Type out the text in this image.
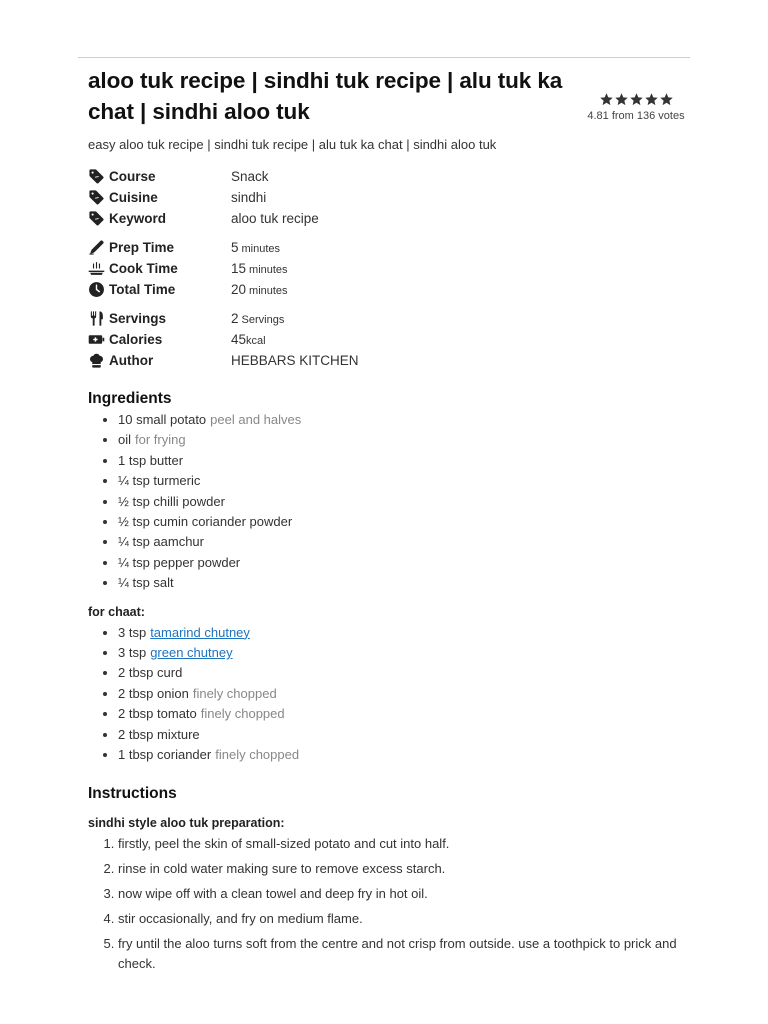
aloo tuk recipe | sindhi tuk recipe | alu tuk ka chat | sindhi aloo tuk	4.81 from 136 votes
easy aloo tuk recipe | sindhi tuk recipe | alu tuk ka chat | sindhi aloo tuk
Course	Snack
Cuisine	sindhi
Keyword	aloo tuk recipe
Prep Time	5 minutes
Cook Time	15 minutes
Total Time	20 minutes
Servings	2 Servings
Calories	45kcal
Author	HEBBARS KITCHEN
Ingredients
• 10 small potato peel and halves
• oil for frying
• 1 tsp butter
• ¼ tsp turmeric
• ½ tsp chilli powder
• ½ tsp cumin coriander powder
• ¼ tsp aamchur
• ¼ tsp pepper powder
• ¼ tsp salt
for chaat:
• 3 tsp tamarind chutney
• 3 tsp green chutney
• 2 tbsp curd
• 2 tbsp onion finely chopped
• 2 tbsp tomato finely chopped
• 2 tbsp mixture
• 1 tbsp coriander finely chopped
Instructions
sindhi style aloo tuk preparation:
1. firstly, peel the skin of small-sized potato and cut into half.
2. rinse in cold water making sure to remove excess starch.
3. now wipe off with a clean towel and deep fry in hot oil.
4. stir occasionally, and fry on medium flame.
5. fry until the aloo turns soft from the centre and not crisp from outside. use a toothpick to prick and check.
